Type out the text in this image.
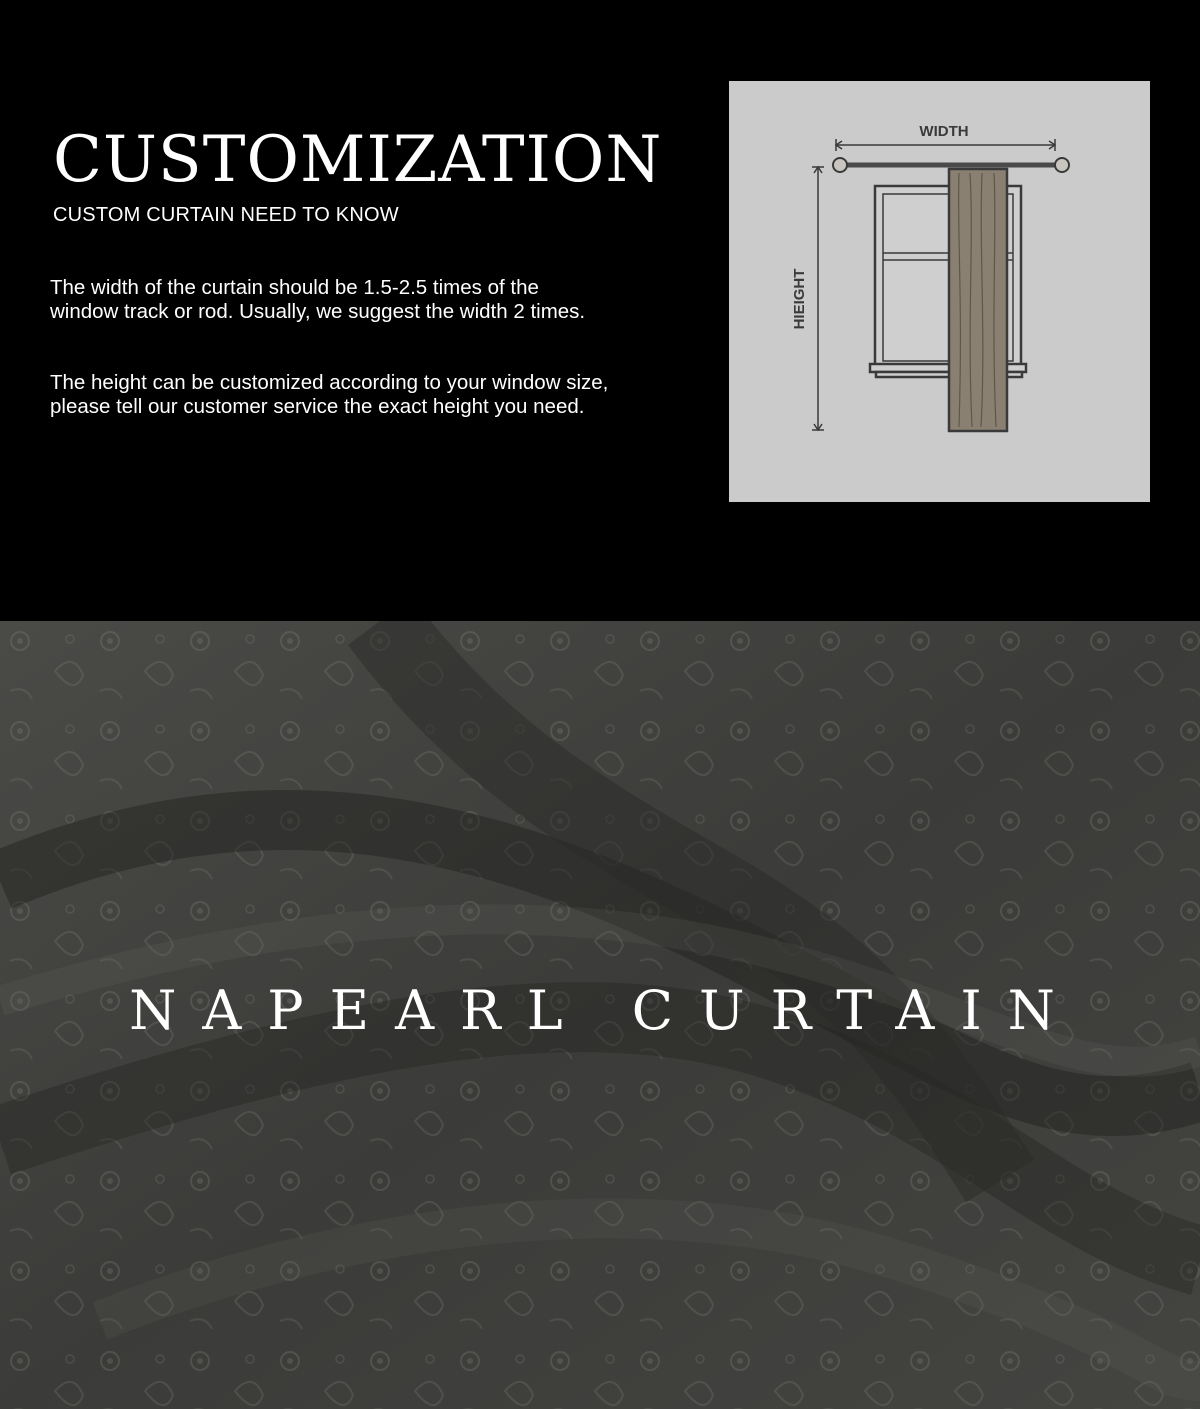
CUSTOMIZATION
CUSTOM CURTAIN NEED TO KNOW

The width of the curtain should be 1.5-2.5 times of the window track or rod. Usually, we suggest the width 2 times.

The height can be customized according to your window size, please tell our customer service the exact height you need.

WIDTH
HIEIGHT
NAPEARL CURTAIN
